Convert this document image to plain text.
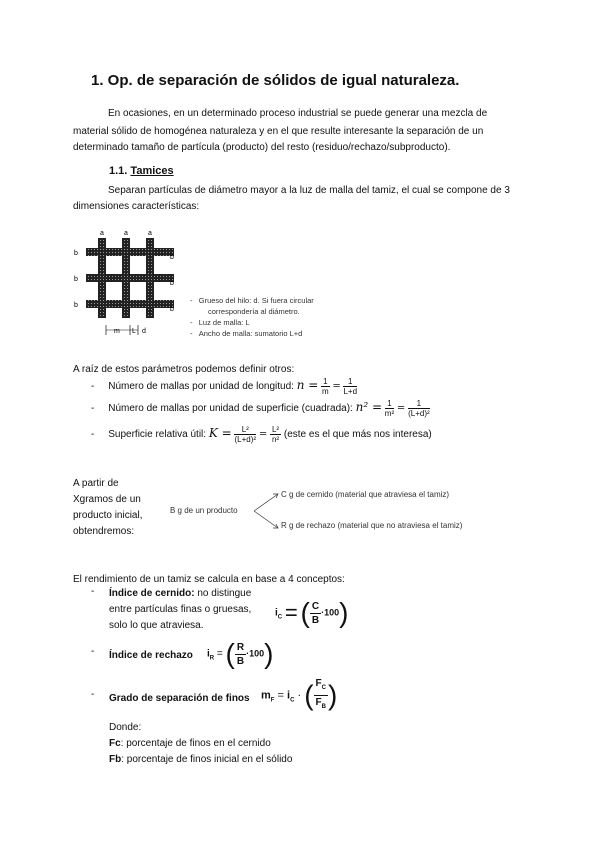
1. Op. de separación de sólidos de igual naturaleza.
En ocasiones, en un determinado proceso industrial se puede generar una mezcla de
material sólido de homogénea naturaleza y en el que resulte interesante la separación de un
determinado tamaño de partícula (producto) del resto (residuo/rechazo/subproducto).
1.1. Tamices
Separan partículas de diámetro mayor a la luz de malla del tamiz, el cual se compone de 3
dimensiones características:
a	a	a
b
b
b
b
b
b
m L d
-   Grueso del hilo: d. Si fuera circular
correspondería al diámetro.
-   Luz de malla: L
-   Ancho de malla: sumatorio L+d
A raíz de estos parámetros podemos definir otros:
-     Número de mallas por unidad de longitud: $n = \frac{1}{m} = \frac{1}{L+d}$
-     Número de mallas por unidad de superficie (cuadrada): $n^2 = \frac{1}{\text{m²}} = \frac{1}{\text{(L+d)²}}$
-     Superficie relativa útil: $K = \frac{\text{L²}}{\text{(L+d)²}} = \frac{\text{L²}}{\text{n²}}$ (este es el que más nos interesa)
A partir de
Xgramos de un
producto inicial,
obtendremos:
B g de un producto
C g de cernido (material que atraviesa el tamiz)
R g de rechazo (material que no atraviesa el tamiz)
El rendimiento de un tamiz se calcula en base a 4 conceptos:
- Índice de cernido: no distingue
entre partículas finas o gruesas,
solo lo que atraviesa.
$i_C$ = ( $\frac{C}{B} \cdot 100$)
- Índice de rechazo $i_R$ = ( $\frac{R}{B} \cdot 100$)
- Grado de separación de finos $m_F = i_C$ · ( $\frac{F_C}{F_B}$ )
Donde:
Fc: porcentaje de finos en el cernido
Fb: porcentaje de finos inicial en el sólido
